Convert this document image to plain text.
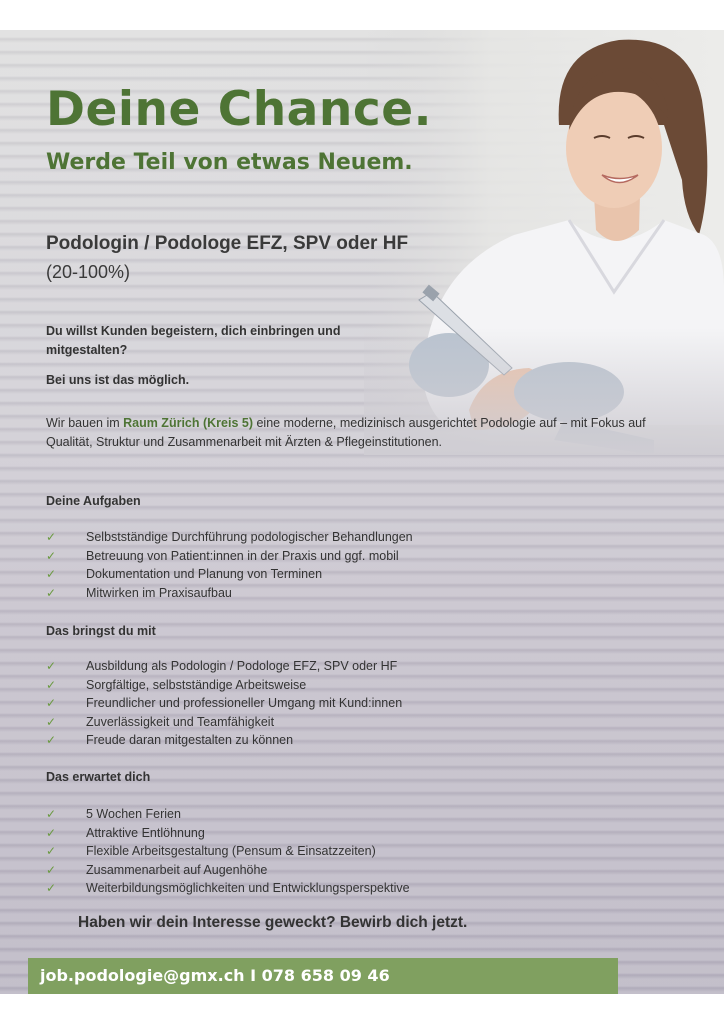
Deine Chance.
Werde Teil von etwas Neuem.
Podologin / Podologe EFZ, SPV oder HF
(20-100%)
Du willst Kunden begeistern, dich einbringen und mitgestalten?
Bei uns ist das möglich.
Wir bauen im Raum Zürich (Kreis 5) eine moderne, medizinisch ausgerichtet Podologie auf – mit Fokus auf Qualität, Struktur und Zusammenarbeit mit Ärzten & Pflegeinstitutionen.
Deine Aufgaben
✓	Selbstständige Durchführung podologischer Behandlungen
✓	Betreuung von Patient:innen in der Praxis und ggf. mobil
✓	Dokumentation und Planung von Terminen
✓	Mitwirken im Praxisaufbau
Das bringst du mit
✓	Ausbildung als Podologin / Podologe EFZ, SPV oder HF
✓	Sorgfältige, selbstständige Arbeitsweise
✓	Freundlicher und professioneller Umgang mit Kund:innen
✓	Zuverlässigkeit und Teamfähigkeit
✓	Freude daran mitgestalten zu können
Das erwartet dich
✓	5 Wochen Ferien
✓	Attraktive Entlöhnung
✓	Flexible Arbeitsgestaltung (Pensum & Einsatzzeiten)
✓	Zusammenarbeit auf Augenhöhe
✓	Weiterbildungsmöglichkeiten und Entwicklungsperspektive
Haben wir dein Interesse geweckt? Bewirb dich jetzt.
job.podologie@gmx.ch I 078 658 09 46
